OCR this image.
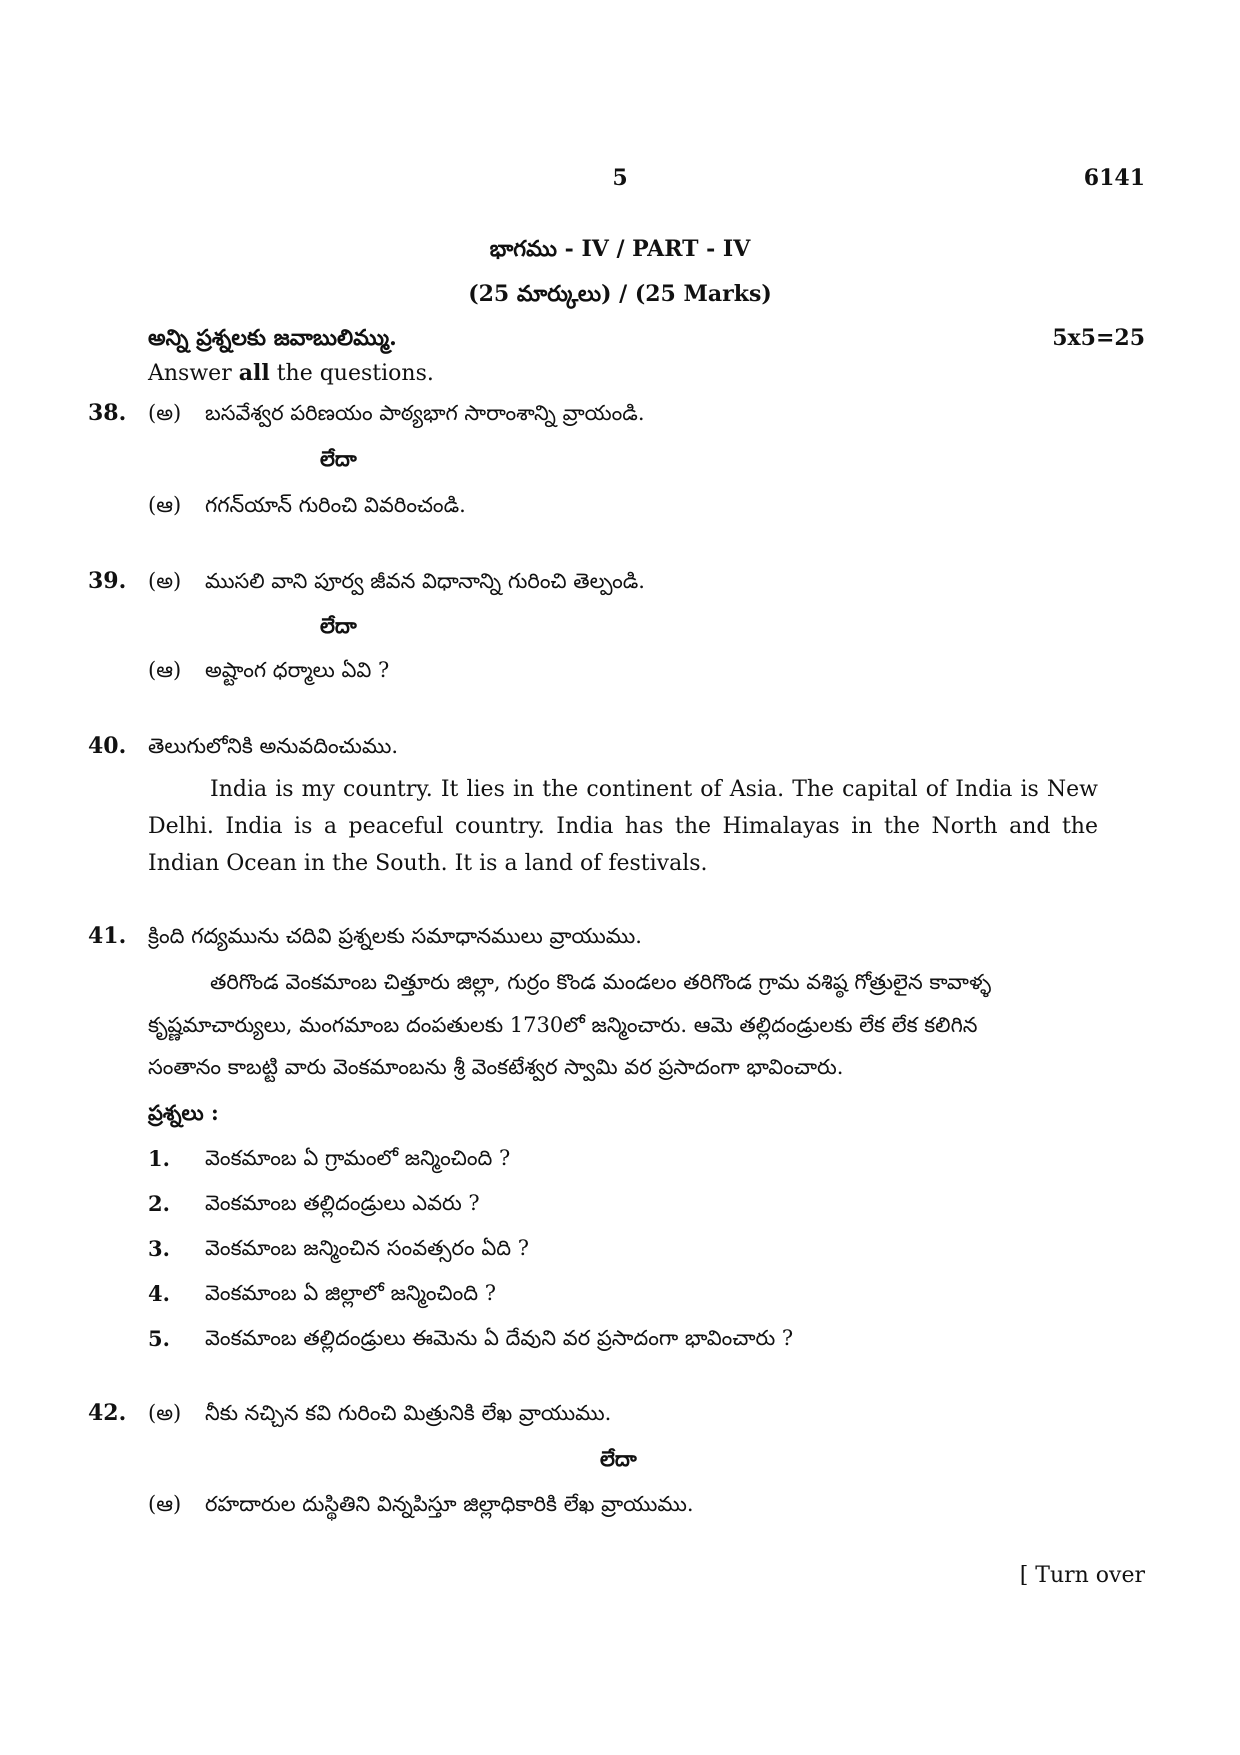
5	6141
భాగము - IV / PART - IV
(25 మార్కులు) / (25 Marks)
అన్ని ప్రశ్నలకు జవాబులిమ్ము.	5x5=25
Answer all the questions.
38. (అ) బసవేశ్వర పరిణయం పాఠ్యభాగ సారాంశాన్ని వ్రాయండి.
లేదా
(ఆ) గగన్‌యాన్ గురించి వివరించండి.
39. (అ) ముసలి వాని పూర్వ జీవన విధానాన్ని గురించి తెల్పండి.
లేదా
(ఆ) అష్టాంగ ధర్మాలు ఏవి ?
40. తెలుగులోనికి అనువదించుము.
India is my country. It lies in the continent of Asia. The capital of India is New Delhi. India is a peaceful country. India has the Himalayas in the North and the Indian Ocean in the South. It is a land of festivals.
41. క్రింది గద్యమును చదివి ప్రశ్నలకు సమాధానములు వ్రాయుము.
తరిగొండ వెంకమాంబ చిత్తూరు జిల్లా, గుర్రం కొండ మండలం తరిగొండ గ్రామ వశిష్ఠ గోత్రులైన కావాళ్ళ
కృష్ణమాచార్యులు, మంగమాంబ దంపతులకు 1730లో జన్మించారు. ఆమె తల్లిదండ్రులకు లేక లేక కలిగిన
సంతానం కాబట్టి వారు వెంకమాంబను శ్రీ వెంకటేశ్వర స్వామి వర ప్రసాదంగా భావించారు.
ప్రశ్నలు :
1. వెంకమాంబ ఏ గ్రామంలో జన్మించింది ?
2. వెంకమాంబ తల్లిదండ్రులు ఎవరు ?
3. వెంకమాంబ జన్మించిన సంవత్సరం ఏది ?
4. వెంకమాంబ ఏ జిల్లాలో జన్మించింది ?
5. వెంకమాంబ తల్లిదండ్రులు ఈమెను ఏ దేవుని వర ప్రసాదంగా భావించారు ?
42. (అ) నీకు నచ్చిన కవి గురించి మిత్రునికి లేఖ వ్రాయుము.
లేదా
(ఆ) రహదారుల దుస్థితిని విన్నపిస్తూ జిల్లాధికారికి లేఖ వ్రాయుము.
[ Turn over
